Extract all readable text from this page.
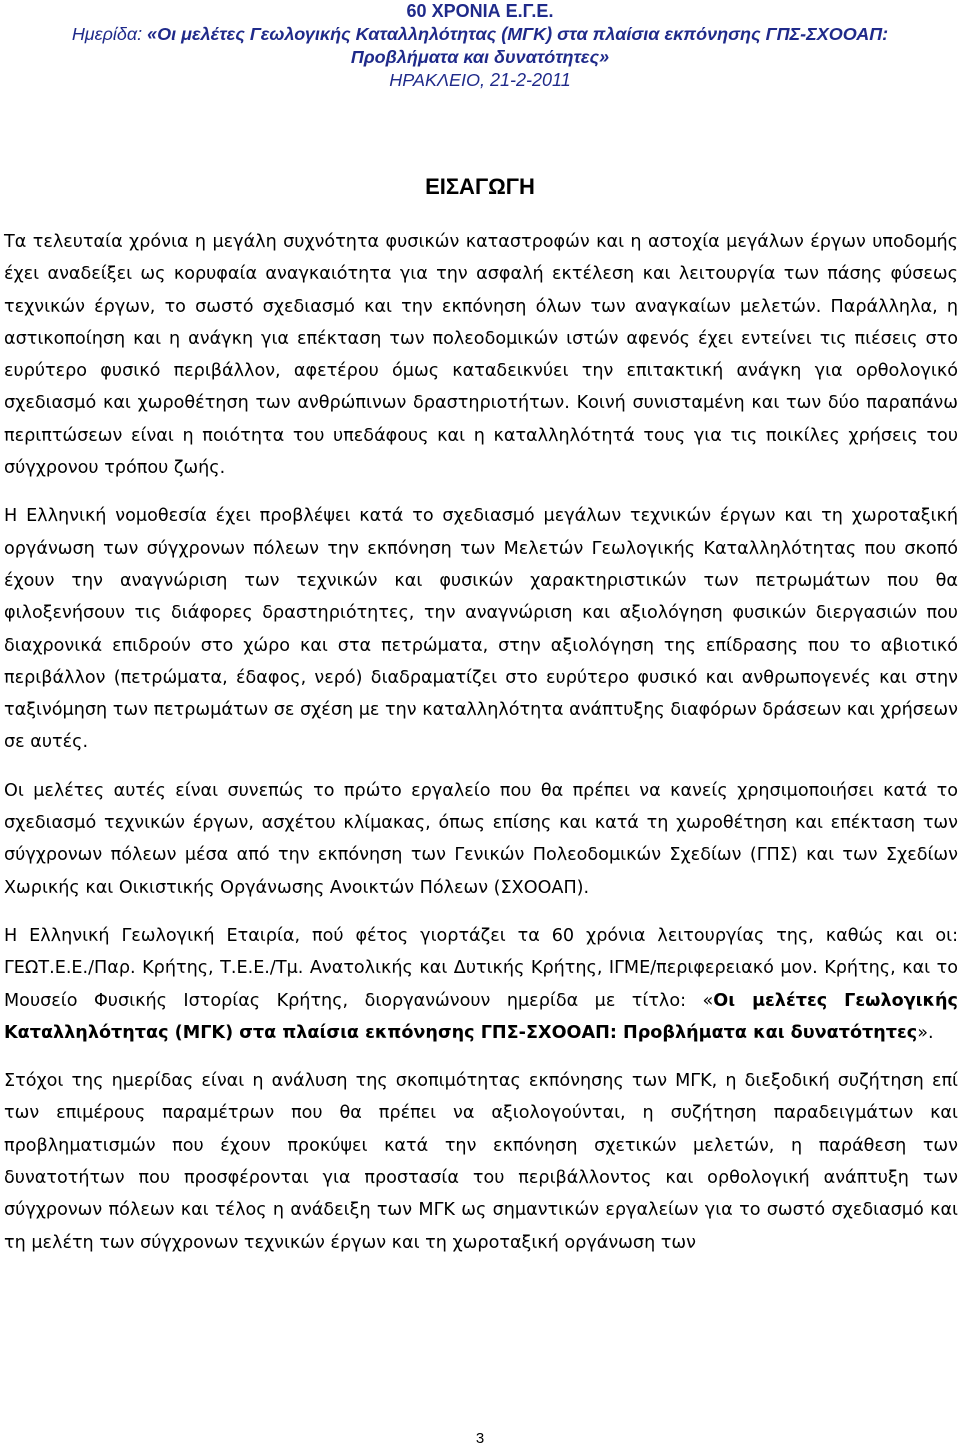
60 ΧΡΟΝΙΑ Ε.Γ.Ε.
Ημερίδα: «Οι μελέτες Γεωλογικής Καταλληλότητας (ΜΓΚ) στα πλαίσια εκπόνησης ΓΠΣ-ΣΧΟΟΑΠ:
Προβλήματα και δυνατότητες»
ΗΡΑΚΛΕΙΟ, 21-2-2011
ΕΙΣΑΓΩΓΗ

Τα τελευταία χρόνια η μεγάλη συχνότητα φυσικών καταστροφών και η αστοχία μεγάλων έργων υποδομής έχει αναδείξει ως κορυφαία αναγκαιότητα για την ασφαλή εκτέλεση και λειτουργία των πάσης φύσεως τεχνικών έργων, το σωστό σχεδιασμό και την εκπόνηση όλων των αναγκαίων μελετών. Παράλληλα, η αστικοποίηση και η ανάγκη για επέκταση των πολεοδομικών ιστών αφενός έχει εντείνει τις πιέσεις στο ευρύτερο φυσικό περιβάλλον, αφετέρου όμως καταδεικνύει την επιτακτική ανάγκη για ορθολογικό σχεδιασμό και χωροθέτηση των ανθρώπινων δραστηριοτήτων. Κοινή συνισταμένη και των δύο παραπάνω περιπτώσεων είναι η ποιότητα του υπεδάφους και η καταλληλότητά τους για τις ποικίλες χρήσεις του σύγχρονου τρόπου ζωής.

Η Ελληνική νομοθεσία έχει προβλέψει κατά το σχεδιασμό μεγάλων τεχνικών έργων και τη χωροταξική οργάνωση των σύγχρονων πόλεων την εκπόνηση των Μελετών Γεωλογικής Καταλληλότητας που σκοπό έχουν την αναγνώριση των τεχνικών και φυσικών χαρακτηριστικών των πετρωμάτων που θα φιλοξενήσουν τις διάφορες δραστηριότητες, την αναγνώριση και αξιολόγηση φυσικών διεργασιών που διαχρονικά επιδρούν στο χώρο και στα πετρώματα, στην αξιολόγηση της επίδρασης που το αβιοτικό περιβάλλον (πετρώματα, έδαφος, νερό) διαδραματίζει στο ευρύτερο φυσικό και ανθρωπογενές και στην ταξινόμηση των πετρωμάτων σε σχέση με την καταλληλότητα ανάπτυξης διαφόρων δράσεων και χρήσεων σε αυτές.

Οι μελέτες αυτές είναι συνεπώς το πρώτο εργαλείο που θα πρέπει να κανείς χρησιμοποιήσει κατά το σχεδιασμό τεχνικών έργων, ασχέτου κλίμακας, όπως επίσης και κατά τη χωροθέτηση και επέκταση των σύγχρονων πόλεων μέσα από την εκπόνηση των Γενικών Πολεοδομικών Σχεδίων (ΓΠΣ) και των Σχεδίων Χωρικής και Οικιστικής Οργάνωσης Ανοικτών Πόλεων (ΣΧΟΟΑΠ).

Η Ελληνική Γεωλογική Εταιρία, πού φέτος γιορτάζει τα 60 χρόνια λειτουργίας της, καθώς και οι: ΓΕΩΤ.Ε.Ε./Παρ. Κρήτης, Τ.Ε.Ε./Τμ. Ανατολικής και Δυτικής Κρήτης, ΙΓΜΕ/περιφερειακό μον. Κρήτης, και το Μουσείο Φυσικής Ιστορίας Κρήτης, διοργανώνουν ημερίδα με τίτλο: «Οι μελέτες Γεωλογικής Καταλληλότητας (ΜΓΚ) στα πλαίσια εκπόνησης ΓΠΣ-ΣΧΟΟΑΠ: Προβλήματα και δυνατότητες».

Στόχοι της ημερίδας είναι η ανάλυση της σκοπιμότητας εκπόνησης των ΜΓΚ, η διεξοδική συζήτηση επί των επιμέρους παραμέτρων που θα πρέπει να αξιολογούνται, η συζήτηση παραδειγμάτων και προβληματισμών που έχουν προκύψει κατά την εκπόνηση σχετικών μελετών, η παράθεση των δυνατοτήτων που προσφέρονται για προστασία του περιβάλλοντος και ορθολογική ανάπτυξη των σύγχρονων πόλεων και τέλος η ανάδειξη των ΜΓΚ ως σημαντικών εργαλείων για το σωστό σχεδιασμό και τη μελέτη των σύγχρονων τεχνικών έργων και τη χωροταξική οργάνωση των

3
